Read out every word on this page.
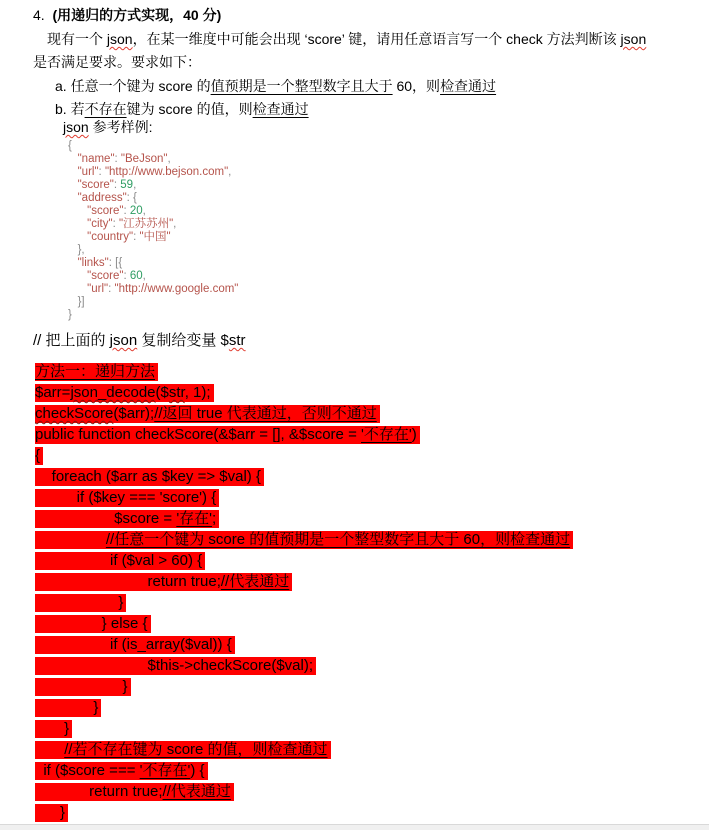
4.  (用递归的方式实现，40 分)
现有一个 json，在某一维度中可能会出现 ‘score’ 键，请用任意语言写一个 check 方法判断该 json
是否满足要求。要求如下：
a. 任意一个键为 score 的值预期是一个整型数字且大于 60，则检查通过
b. 若不存在键为 score 的值，则检查通过
json 参考样例:
{
"name": "BeJson",
"url": "http://www.bejson.com",
"score": 59,
"address": {
"score": 20,
"city": "江苏苏州",
"country": "中国"
},
"links": [{
"score": 60,
"url": "http://www.google.com"
}]
}
// 把上面的 json 复制给变量 $str
方法一：递归方法
$arr=json_decode($str, 1);
checkScore($arr);//返回 true 代表通过，否则不通过
public function checkScore(&$arr = [], &$score = '不存在')
{
foreach ($arr as $key => $val) {
if ($key === 'score') {
$score = '存在';
//任意一个键为 score 的值预期是一个整型数字且大于 60，则检查通过
if ($val > 60) {
return true;//代表通过
}
} else {
if (is_array($val)) {
$this->checkScore($val);
}
}
}
//若不存在键为 score 的值，则检查通过
if ($score === '不存在') {
return true;//代表通过
}
